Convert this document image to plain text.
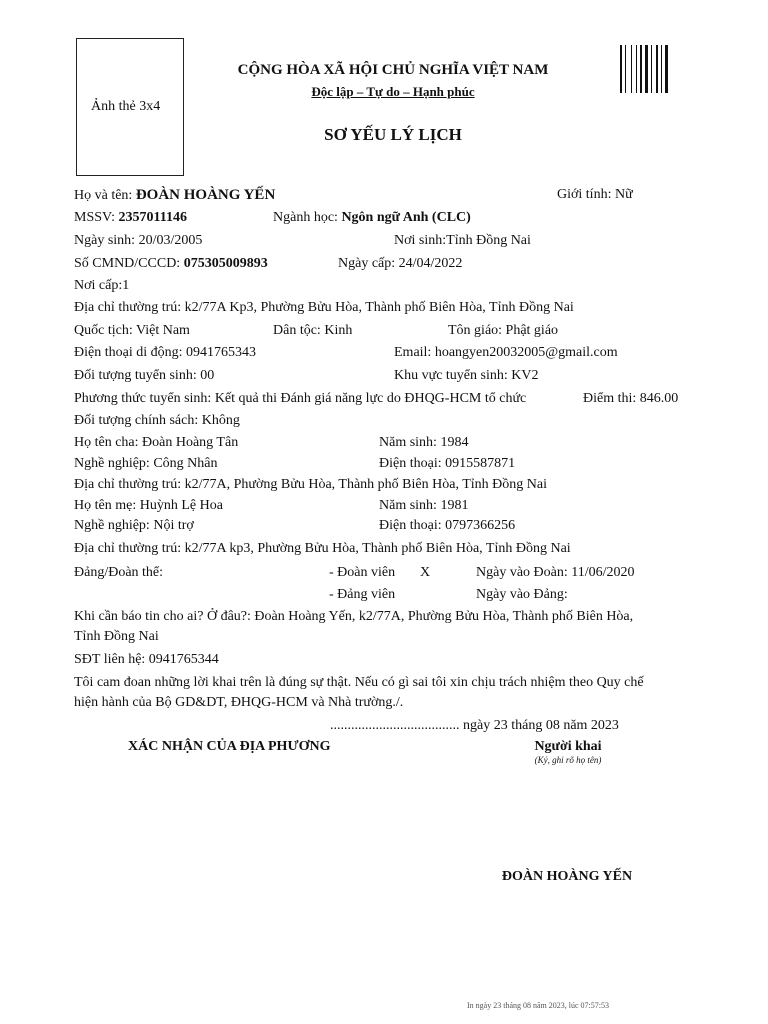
Ảnh thẻ 3x4
CỘNG HÒA XÃ HỘI CHỦ NGHĨA VIỆT NAM
Độc lập – Tự do – Hạnh phúc
SƠ YẾU LÝ LỊCH
Họ và tên: ĐOÀN HOÀNG YẾN	Giới tính: Nữ
MSSV: 2357011146	Ngành học: Ngôn ngữ Anh (CLC)
Ngày sinh: 20/03/2005	Nơi sinh:Tỉnh Đồng Nai
Số CMND/CCCD: 075305009893	Ngày cấp: 24/04/2022
Nơi cấp:1
Địa chỉ thường trú: k2/77A Kp3, Phường Bửu Hòa, Thành phố Biên Hòa, Tỉnh Đồng Nai
Quốc tịch: Việt Nam	Dân tộc: Kinh	Tôn giáo: Phật giáo
Điện thoại di động: 0941765343	Email: hoangyen20032005@gmail.com
Đối tượng tuyển sinh: 00	Khu vực tuyển sinh: KV2
Phương thức tuyển sinh: Kết quả thi Đánh giá năng lực do ĐHQG-HCM tổ chức	Điểm thi: 846.00
Đối tượng chính sách: Không
Họ tên cha: Đoàn Hoàng Tân	Năm sinh: 1984
Nghề nghiệp: Công Nhân	Điện thoại: 0915587871
Địa chỉ thường trú: k2/77A, Phường Bửu Hòa, Thành phố Biên Hòa, Tỉnh Đồng Nai
Họ tên mẹ: Huỳnh Lệ Hoa	Năm sinh: 1981
Nghề nghiệp: Nội trợ	Điện thoại: 0797366256
Địa chỉ thường trú: k2/77A kp3, Phường Bửu Hòa, Thành phố Biên Hòa, Tỉnh Đồng Nai
Đảng/Đoàn thể:	- Đoàn viên X	Ngày vào Đoàn: 11/06/2020
- Đảng viên	Ngày vào Đảng:
Khi cần báo tin cho ai? Ở đâu?: Đoàn Hoàng Yến, k2/77A, Phường Bửu Hòa, Thành phố Biên Hòa,
Tỉnh Đồng Nai
SĐT liên hệ: 0941765344
Tôi cam đoan những lời khai trên là đúng sự thật. Nếu có gì sai tôi xin chịu trách nhiệm theo Quy chế
hiện hành của Bộ GD&DT, ĐHQG-HCM và Nhà trường./.
..................................... ngày 23 tháng 08 năm 2023
XÁC NHẬN CỦA ĐỊA PHƯƠNG	Người khai
(Ký, ghi rõ họ tên)
ĐOÀN HOÀNG YẾN
In ngày 23 tháng 08 năm 2023, lúc 07:57:53
